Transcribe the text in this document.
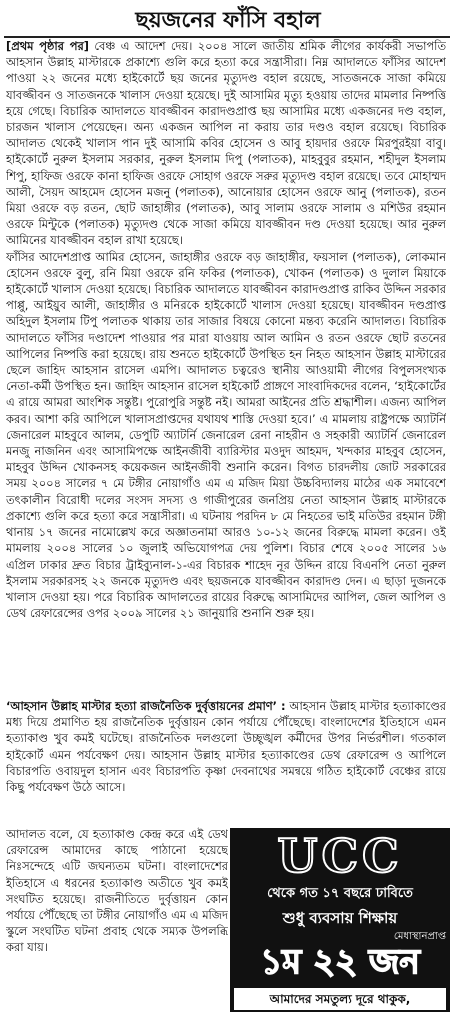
ছয়জনের ফাঁসি বহাল

[প্রথম পৃষ্ঠার পর] বেঞ্চ এ আদেশ দেয়। ২০০৪ সালে জাতীয় শ্রমিক লীগের কার্যকরী সভাপতি আহসান উল্লাহ মাস্টারকে প্রকাশ্যে গুলি করে হত্যা করে সন্ত্রাসীরা। নিম্ন আদালতে ফাঁসির আদেশ পাওয়া ২২ জনের মধ্যে হাইকোর্টে ছয় জনের মৃত্যুদণ্ড বহাল রয়েছে, সাতজনকে সাজা কমিয়ে যাবজ্জীবন ও সাতজনকে খালাস দেওয়া হয়েছে। দুই আসামির মৃত্যু হওয়ায় তাদের মামলার নিষ্পত্তি হয়ে গেছে। বিচারিক আদালতে যাবজ্জীবন কারাদণ্ডপ্রাপ্ত ছয় আসামির মধ্যে একজনের দণ্ড বহাল, চারজন খালাস পেয়েছেন। অন্য একজন আপিল না করায় তার দণ্ডও বহাল রয়েছে। বিচারিক আদালত থেকেই খালাস পান দুই আসামি কবির হোসেন ও আবু হায়দার ওরফে মিরপুরইয়া বাবু। হাইকোর্টে নুরুল ইসলাম সরকার, নুরুল ইসলাম দিপু (পলাতক), মাহবুবুর রহমান, শহীদুল ইসলাম শিপু, হাফিজ ওরফে কানা হাফিজ ওরফে সোহাগ ওরফে সরুর মৃত্যুদণ্ড বহাল রয়েছে। তবে মোহাম্মদ আলী, সৈয়দ আহমেদ হোসেন মজনু (পলাতক), আনোয়ার হোসেন ওরফে আনু (পলাতক), রতন মিয়া ওরফে বড় রতন, ছোট জাহাঙ্গীর (পলাতক), আবু সালাম ওরফে সালাম ও মশিউর রহমান ওরফে মিন্টুকে (পলাতক) মৃত্যুদণ্ড থেকে সাজা কমিয়ে যাবজ্জীবন দণ্ড দেওয়া হয়েছে। আর নুরুল আমিনের যাবজ্জীবন বহাল রাখা হয়েছে।

ফাঁসির আদেশপ্রাপ্ত আমির হোসেন, জাহাঙ্গীর ওরফে বড় জাহাঙ্গীর, ফয়সাল (পলাতক), লোকমান হোসেন ওরফে বুলু, রনি মিয়া ওরফে রনি ফকির (পলাতক), খোকন (পলাতক) ও দুলাল মিয়াকে হাইকোর্টে খালাস দেওয়া হয়েছে। বিচারিক আদালতে যাবজ্জীবন কারাদণ্ডপ্রাপ্ত রাকিব উদ্দিন সরকার পাপ্পু, আইয়ুব আলী, জাহাঙ্গীর ও মনিরকে হাইকোর্টে খালাস দেওয়া হয়েছে। যাবজ্জীবন দণ্ডপ্রাপ্ত অহিদুল ইসলাম টিপু পলাতক থাকায় তার সাজার বিষয়ে কোনো মন্তব্য করেনি আদালত। বিচারিক আদালতে ফাঁসির দণ্ডাদেশ পাওয়ার পর মারা যাওয়ায় আল আমিন ও রতন ওরফে ছোট রতনের আপিলের নিষ্পত্তি করা হয়েছে। রায় শুনতে হাইকোর্টে উপস্থিত হন নিহত আহসান উল্লাহ মাস্টারের ছেলে জাহিদ আহসান রাসেল এমপি। আদালত চত্বরেও স্থানীয় আওয়ামী লীগের বিপুলসংখ্যক নেতা-কর্মী উপস্থিত হন। জাহিদ আহসান রাসেল হাইকোর্ট প্রাঙ্গণে সাংবাদিকদের বলেন, ‘হাইকোর্টের এ রায়ে আমরা আংশিক সন্তুষ্ট। পুরোপুরি সন্তুষ্ট নই। আমরা আইনের প্রতি শ্রদ্ধাশীল। এজন্য আপিল করব। আশা করি আপিলে খালাসপ্রাপ্তদের যথাযথ শাস্তি দেওয়া হবে।’ এ মামলায় রাষ্ট্রপক্ষে অ্যাটর্নি জেনারেল মাহবুবে আলম, ডেপুটি অ্যাটর্নি জেনারেল রেনা নাহরীন ও সহকারী অ্যাটর্নি জেনারেল মনজু নাজনিন এবং আসামিপক্ষে আইনজীবী ব্যারিস্টার মওদুদ আহমদ, খন্দকার মাহবুব হোসেন, মাহবুব উদ্দিন খোকনসহ কয়েকজন আইনজীবী শুনানি করেন। বিগত চারদলীয় জোট সরকারের সময় ২০০৪ সালের ৭ মে টঙ্গীর নোয়াগাঁও এম এ মজিদ মিয়া উচ্চবিদ্যালয় মাঠের এক সমাবেশে তৎকালীন বিরোধী দলের সংসদ সদস্য ও গাজীপুরের জনপ্রিয় নেতা আহসান উল্লাহ মাস্টারকে প্রকাশ্যে গুলি করে হত্যা করে সন্ত্রাসীরা। এ ঘটনায় পরদিন ৮ মে নিহতের ভাই মতিউর রহমান টঙ্গী থানায় ১৭ জনের নামোল্লেখ করে অজ্ঞাতনামা আরও ১০-১২ জনের বিরুদ্ধে মামলা করেন। ওই মামলায় ২০০৪ সালের ১০ জুলাই অভিযোগপত্র দেয় পুলিশ। বিচার শেষে ২০০৫ সালের ১৬ এপ্রিল ঢাকার দ্রুত বিচার ট্রাইব্যুনাল-১-এর বিচারক শাহেদ নূর উদ্দিন রায়ে বিএনপি নেতা নুরুল ইসলাম সরকারসহ ২২ জনকে মৃত্যুদণ্ড এবং ছয়জনকে যাবজ্জীবন কারাদণ্ড দেন। এ ছাড়া দুজনকে খালাস দেওয়া হয়। পরে বিচারিক আদালতের রায়ের বিরুদ্ধে আসামিদের আপিল, জেল আপিল ও ডেথ রেফারেন্সের ওপর ২০০৯ সালের ২১ জানুয়ারি শুনানি শুরু হয়।

‘আহসান উল্লাহ মাস্টার হত্যা রাজনৈতিক দুর্বৃত্তায়নের প্রমাণ’ : আহসান উল্লাহ মাস্টার হত্যাকাণ্ডের মধ্য দিয়ে প্রমাণিত হয় রাজনৈতিক দুর্বৃত্তায়ন কোন পর্যায়ে পৌঁছেছে। বাংলাদেশের ইতিহাসে এমন হত্যাকাণ্ড খুব কমই ঘটেছে। রাজনৈতিক দলগুলো উচ্ছৃঙ্খল কর্মীদের উপর নির্ভরশীল। গতকাল হাইকোর্ট এমন পর্যবেক্ষণ দেয়। আহসান উল্লাহ মাস্টার হত্যাকাণ্ডের ডেথ রেফারেন্স ও আপিলে বিচারপতি ওবায়দুল হাসান এবং বিচারপতি কৃষ্ণা দেবনাথের সমন্বয়ে গঠিত হাইকোর্ট বেঞ্চের রায়ে কিছু পর্যবেক্ষণ উঠে আসে।
আদালত বলে, যে হত্যাকাণ্ড কেন্দ্র করে এই ডেথ রেফারেন্স আমাদের কাছে পাঠানো হয়েছে নিঃসন্দেহে এটি জঘন্যতম ঘটনা। বাংলাদেশের ইতিহাসে এ ধরনের হত্যাকাণ্ড অতীতে খুব কমই সংঘটিত হয়েছে। রাজনীতিতে দুর্বৃত্তায়ন কোন পর্যায়ে পৌঁছেছে তা টঙ্গীর নোয়াগাঁও এম এ মজিদ স্কুলে সংঘটিত ঘটনা প্রবাহ থেকে সম্যক উপলব্ধি করা যায়।
UCC
থেকে গত ১৭ বছরে ঢাবিতে
শুধু ব্যবসায় শিক্ষায়
মেধাস্থানপ্রাপ্ত
১ম ২২ জন
আমাদের সমতুল্য দূরে থাকুক,
